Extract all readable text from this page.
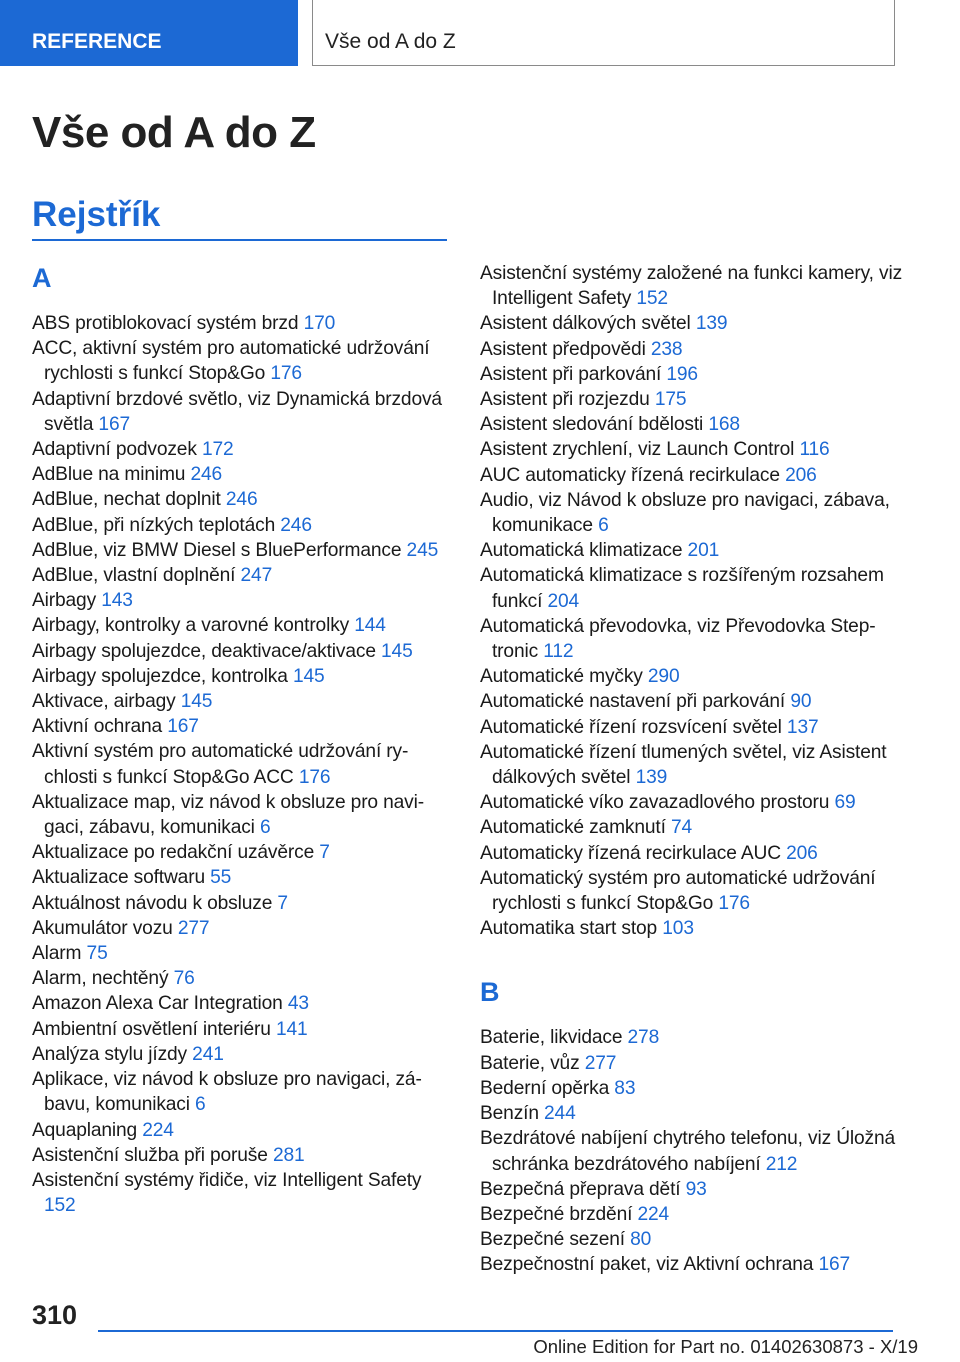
REFERENCE	Vše od A do Z
Vše od A do Z
Rejstřík
A
ABS protiblokovací systém brzd 170
ACC, aktivní systém pro automatické udržování rychlosti s funkcí Stop&Go 176
Adaptivní brzdové světlo, viz Dynamická brzdová světla 167
Adaptivní podvozek 172
AdBlue na minimu 246
AdBlue, nechat doplnit 246
AdBlue, při nízkých teplotách 246
AdBlue, viz BMW Diesel s BluePerformance 245
AdBlue, vlastní doplnění 247
Airbagy 143
Airbagy, kontrolky a varovné kontrolky 144
Airbagy spolujezdce, deaktivace/aktivace 145
Airbagy spolujezdce, kontrolka 145
Aktivace, airbagy 145
Aktivní ochrana 167
Aktivní systém pro automatické udržování rychlosti s funkcí Stop&Go ACC 176
Aktualizace map, viz návod k obsluze pro navigaci, zábavu, komunikaci 6
Aktualizace po redakční uzávěrce 7
Aktualizace softwaru 55
Aktuálnost návodu k obsluze 7
Akumulátor vozu 277
Alarm 75
Alarm, nechtěný 76
Amazon Alexa Car Integration 43
Ambientní osvětlení interiéru 141
Analýza stylu jízdy 241
Aplikace, viz návod k obsluze pro navigaci, zábavu, komunikaci 6
Aquaplaning 224
Asistenční služba při poruše 281
Asistenční systémy řidiče, viz Intelligent Safety 152
Asistenční systémy založené na funkci kamery, viz Intelligent Safety 152
Asistent dálkových světel 139
Asistent předpovědi 238
Asistent při parkování 196
Asistent při rozjezdu 175
Asistent sledování bdělosti 168
Asistent zrychlení, viz Launch Control 116
AUC automaticky řízená recirkulace 206
Audio, viz Návod k obsluze pro navigaci, zábava, komunikace 6
Automatická klimatizace 201
Automatická klimatizace s rozšířeným rozsahem funkcí 204
Automatická převodovka, viz Převodovka Steptronic 112
Automatické myčky 290
Automatické nastavení při parkování 90
Automatické řízení rozsvícení světel 137
Automatické řízení tlumených světel, viz Asistent dálkových světel 139
Automatické víko zavazadlového prostoru 69
Automatické zamknutí 74
Automaticky řízená recirkulace AUC 206
Automatický systém pro automatické udržování rychlosti s funkcí Stop&Go 176
Automatika start stop 103
B
Baterie, likvidace 278
Baterie, vůz 277
Bederní opěrka 83
Benzín 244
Bezdrátové nabíjení chytrého telefonu, viz Úložná schránka bezdrátového nabíjení 212
Bezpečná přeprava dětí 93
Bezpečné brzdění 224
Bezpečné sezení 80
Bezpečnostní paket, viz Aktivní ochrana 167
310
Online Edition for Part no. 01402630873 - X/19
